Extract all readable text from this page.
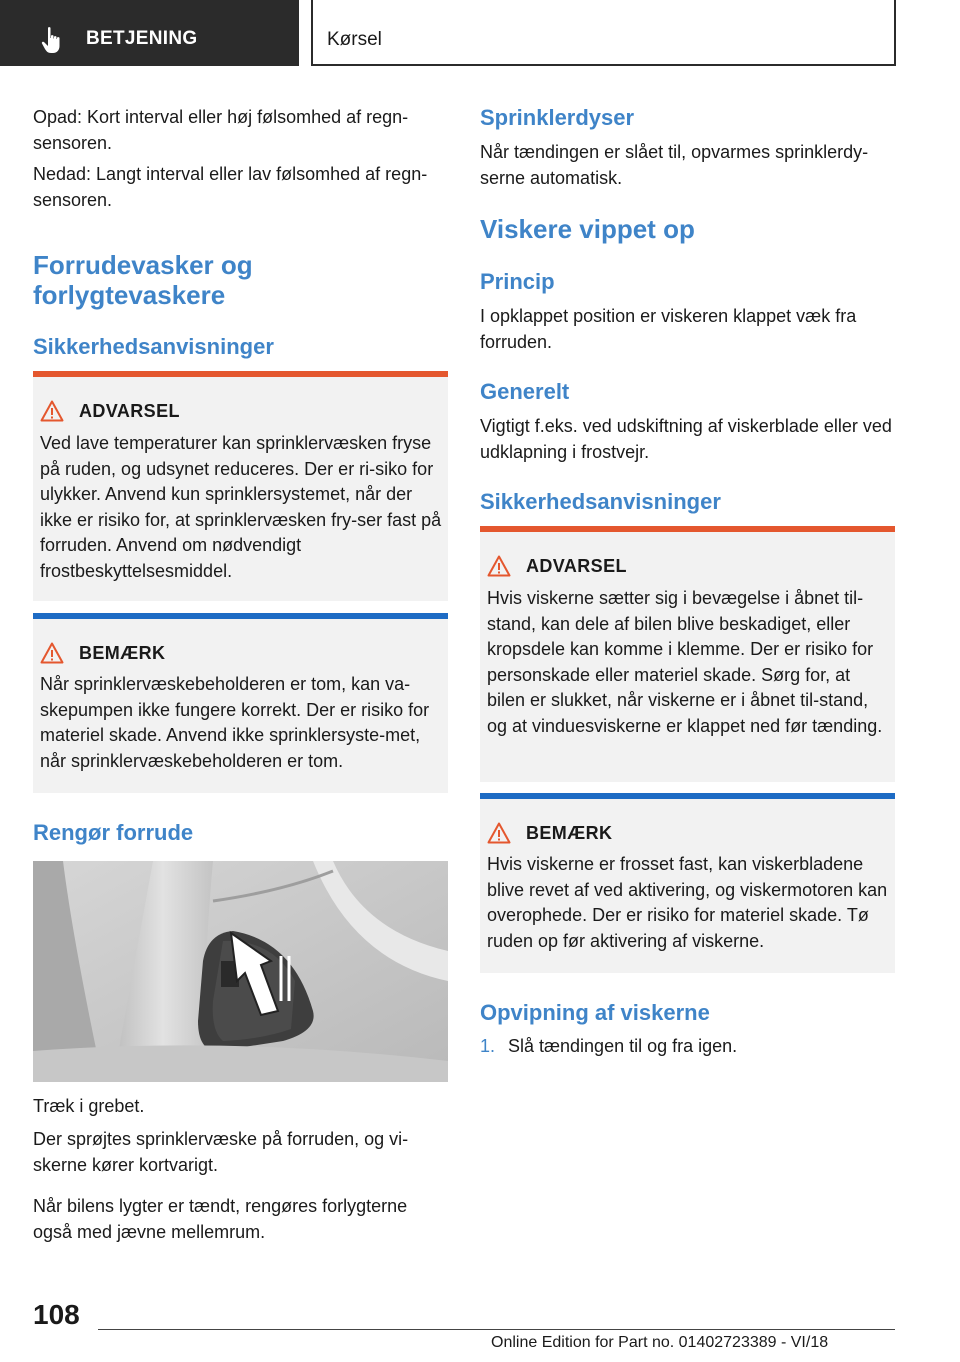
BETJENING	Kørsel
Opad: Kort interval eller høj følsomhed af regn-sensoren.
Nedad: Langt interval eller lav følsomhed af regn-sensoren.
Forrudevasker og forlygtevaskere
Sikkerhedsanvisninger
ADVARSEL
Ved lave temperaturer kan sprinklervæsken fryse på ruden, og udsynet reduceres. Der er ri-siko for ulykker. Anvend kun sprinklersystemet, når der ikke er risiko for, at sprinklervæsken fry-ser fast på forruden. Anvend om nødvendigt frostbeskyttelsesmiddel.
BEMÆRK
Når sprinklervæskebeholderen er tom, kan va-skepumpen ikke fungere korrekt. Der er risiko for materiel skade. Anvend ikke sprinklersyste-met, når sprinklervæskebeholderen er tom.
Rengør forrude
Træk i grebet.
Der sprøjtes sprinklervæske på forruden, og vi-skerne kører kortvarigt.
Når bilens lygter er tændt, rengøres forlygterne også med jævne mellemrum.
Sprinklerdyser
Når tændingen er slået til, opvarmes sprinklerdy-serne automatisk.
Viskere vippet op
Princip
I opklappet position er viskeren klappet væk fra forruden.
Generelt
Vigtigt f.eks. ved udskiftning af viskerblade eller ved udklapning i frostvejr.
Sikkerhedsanvisninger
ADVARSEL
Hvis viskerne sætter sig i bevægelse i åbnet til-stand, kan dele af bilen blive beskadiget, eller kropsdele kan komme i klemme. Der er risiko for personskade eller materiel skade. Sørg for, at bilen er slukket, når viskerne er i åbnet til-stand, og at vinduesviskerne er klappet ned før tænding.
BEMÆRK
Hvis viskerne er frosset fast, kan viskerbladene blive revet af ved aktivering, og viskermotoren kan overophede. Der er risiko for materiel skade. Tø ruden op før aktivering af viskerne.
Opvipning af viskerne
1. Slå tændingen til og fra igen.
108
Online Edition for Part no. 01402723389 - VI/18
